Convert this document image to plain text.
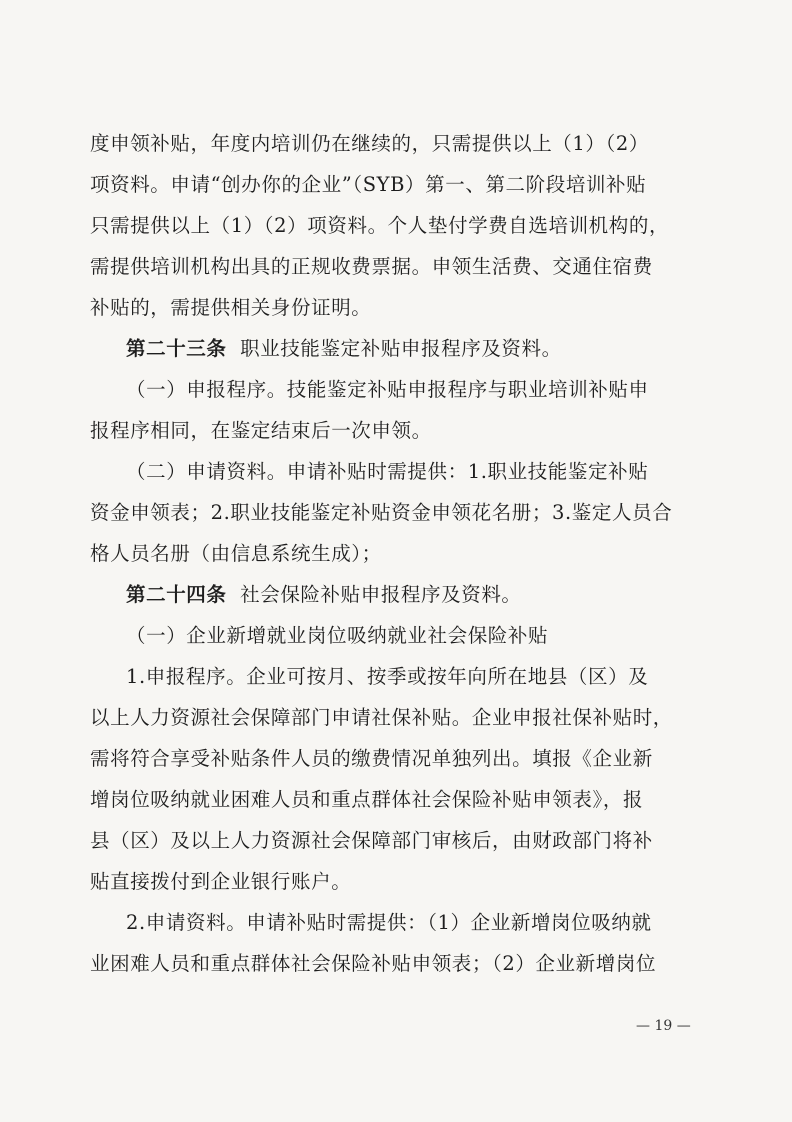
度申领补贴，年度内培训仍在继续的，只需提供以上（1）（2）
项资料。申请“创办你的企业”（SYB）第一、第二阶段培训补贴
只需提供以上（1）（2）项资料。个人垫付学费自选培训机构的，
需提供培训机构出具的正规收费票据。申领生活费、交通住宿费
补贴的，需提供相关身份证明。
第二十三条 职业技能鉴定补贴申报程序及资料。
（一）申报程序。技能鉴定补贴申报程序与职业培训补贴申
报程序相同，在鉴定结束后一次申领。
（二）申请资料。申请补贴时需提供：1.职业技能鉴定补贴
资金申领表；2.职业技能鉴定补贴资金申领花名册；3.鉴定人员合
格人员名册（由信息系统生成）；
第二十四条 社会保险补贴申报程序及资料。
（一）企业新增就业岗位吸纳就业社会保险补贴
1.申报程序。企业可按月、按季或按年向所在地县（区）及
以上人力资源社会保障部门申请社保补贴。企业申报社保补贴时，
需将符合享受补贴条件人员的缴费情况单独列出。填报《企业新
增岗位吸纳就业困难人员和重点群体社会保险补贴申领表》，报
县（区）及以上人力资源社会保障部门审核后，由财政部门将补
贴直接拨付到企业银行账户。
2.申请资料。申请补贴时需提供：（1）企业新增岗位吸纳就
业困难人员和重点群体社会保险补贴申领表；（2）企业新增岗位
— 19 —
